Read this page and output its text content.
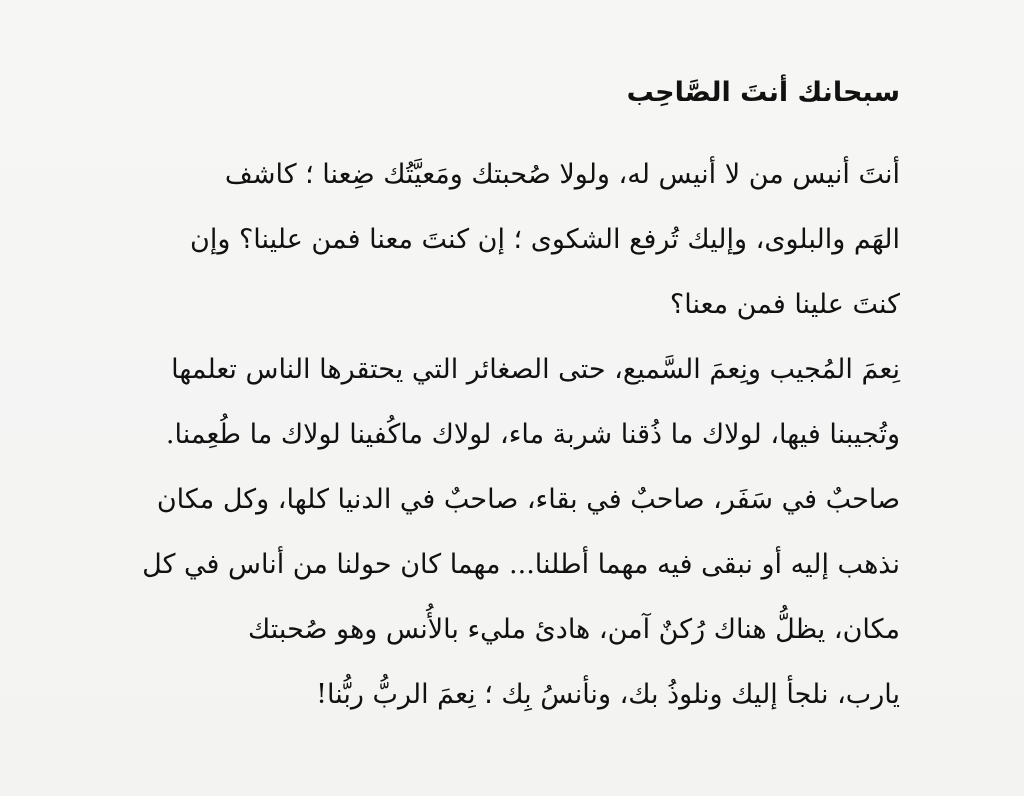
سبحانك أنتَ الصَّاحِب

أنتَ أنيس من لا أنيس له، ولولا صُحبتك ومَعيَّتُك ضِعنا ؛ كاشف
الهَم والبلوى، وإليك تُرفع الشكوى ؛ إن كنتَ معنا فمن علينا؟ وإن
كنتَ علينا فمن معنا؟

نِعمَ المُجيب ونِعمَ السَّميع، حتى الصغائر التي يحتقرها الناس تعلمها
وتُجيبنا فيها، لولاك ما ذُقنا شربة ماء، لولاك ماكُفينا لولاك ما طُعِمنا.

صاحبٌ في سَفَر، صاحبٌ في بقاء، صاحبٌ في الدنيا كلها، وكل مكان
نذهب إليه أو نبقى فيه مهما أطلنا... مهما كان حولنا من أناس في كل
مكان، يظلُّ هناك رُكنٌ آمن، هادئ مليء بالأُنس وهو صُحبتك
يارب، نلجأ إليك ونلوذُ بك، ونأنسُ بِك ؛ نِعمَ الربُّ ربُّنا!
